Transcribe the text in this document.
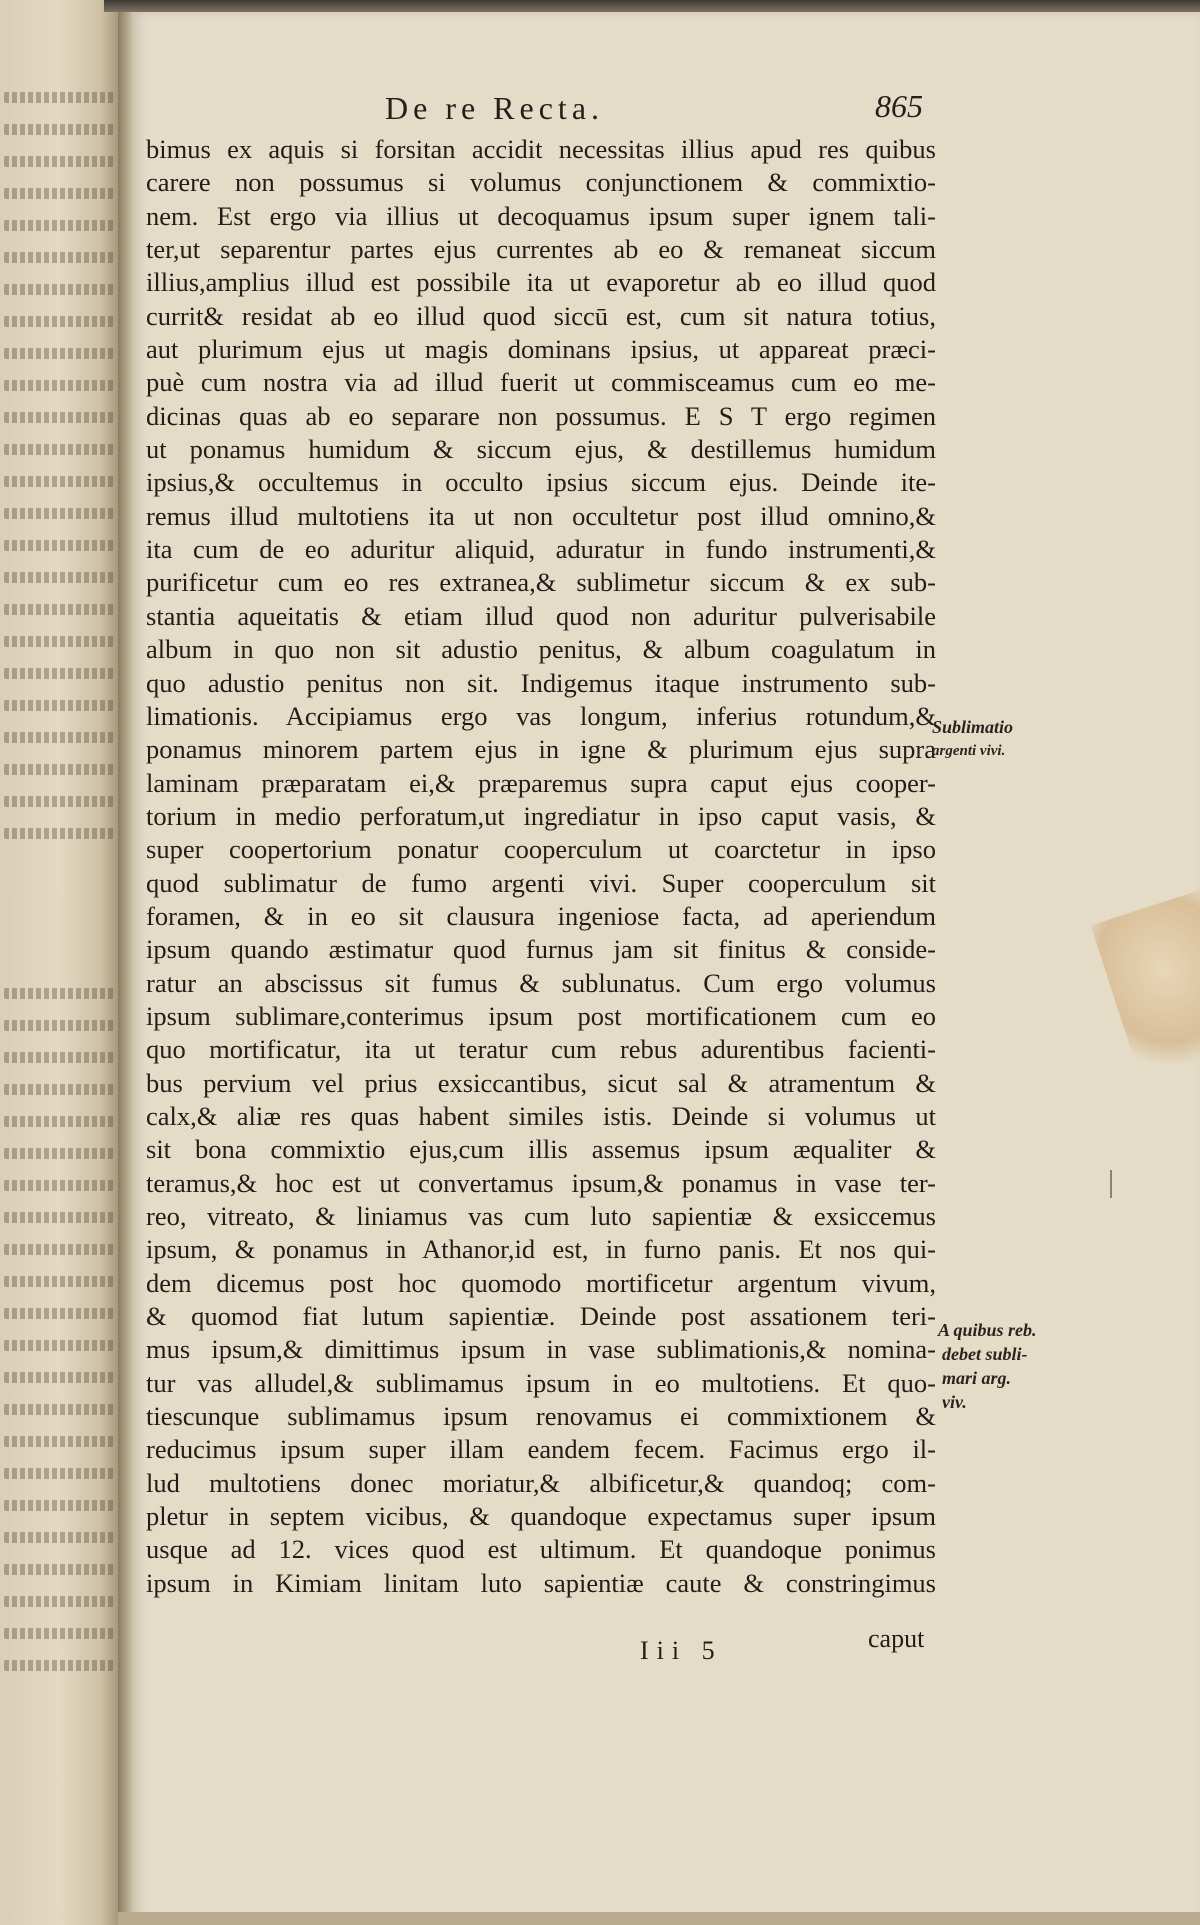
De re Recta.	865
bimus ex aquis si forsitan accidit necessitas illius apud res quibus
carere non possumus si volumus conjunctionem & commixtio-
nem. Est ergo via illius ut decoquamus ipsum super ignem tali-
ter,ut separentur partes ejus currentes ab eo & remaneat siccum
illius,amplius illud est possibile ita ut evaporetur ab eo illud quod
currit& residat ab eo illud quod siccū est, cum sit natura totius,
aut plurimum ejus ut magis dominans ipsius, ut appareat præci-
puè cum nostra via ad illud fuerit ut commisceamus cum eo me-
dicinas quas ab eo separare non possumus. E S T ergo regimen
ut ponamus humidum & siccum ejus, & destillemus humidum
ipsius,& occultemus in occulto ipsius siccum ejus. Deinde ite-
remus illud multotiens ita ut non occultetur post illud omnino,&
ita cum de eo aduritur aliquid, aduratur in fundo instrumenti,&
purificetur cum eo res extranea,& sublimetur siccum & ex sub-
stantia aqueitatis & etiam illud quod non aduritur pulverisabile
album in quo non sit adustio penitus, & album coagulatum in
quo adustio penitus non sit. Indigemus itaque instrumento sub-
limationis. Accipiamus ergo vas longum, inferius rotundum,&
ponamus minorem partem ejus in igne & plurimum ejus supra
laminam præparatam ei,& præparemus supra caput ejus cooper-
torium in medio perforatum,ut ingrediatur in ipso caput vasis, &
super coopertorium ponatur cooperculum ut coarctetur in ipso
quod sublimatur de fumo argenti vivi. Super cooperculum sit
foramen, & in eo sit clausura ingeniose facta, ad aperiendum
ipsum quando æstimatur quod furnus jam sit finitus & conside-
ratur an abscissus sit fumus & sublunatus. Cum ergo volumus
ipsum sublimare,conterimus ipsum post mortificationem cum eo
quo mortificatur, ita ut teratur cum rebus adurentibus facienti-
bus pervium vel prius exsiccantibus, sicut sal & atramentum &
calx,& aliæ res quas habent similes istis. Deinde si volumus ut
sit bona commixtio ejus,cum illis assemus ipsum æqualiter &
teramus,& hoc est ut convertamus ipsum,& ponamus in vase ter-
reo, vitreato, & liniamus vas cum luto sapientiæ & exsiccemus
ipsum, & ponamus in Athanor,id est, in furno panis. Et nos qui-
dem dicemus post hoc quomodo mortificetur argentum vivum,
& quomod fiat lutum sapientiæ. Deinde post assationem teri-
mus ipsum,& dimittimus ipsum in vase sublimationis,& nomina-
tur vas alludel,& sublimamus ipsum in eo multotiens. Et quo-
tiescunque sublimamus ipsum renovamus ei commixtionem &
reducimus ipsum super illam eandem fecem. Facimus ergo il-
lud multotiens donec moriatur,& albificetur,& quandoq; com-
pletur in septem vicibus, & quandoque expectamus super ipsum
usque ad 12. vices quod est ultimum. Et quandoque ponimus
ipsum in Kimiam linitam luto sapientiæ caute & constringimus
Sublimatio
argenti vivi.
A quibus reb.
debet subli-
mari arg.
viv.
Iii 5	caput
